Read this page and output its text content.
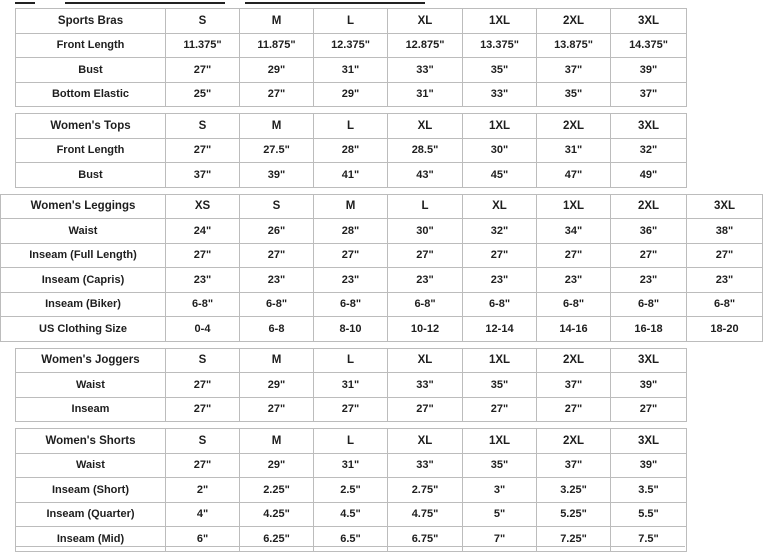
Sports Bras	S	M	L	XL	1XL	2XL	3XL
Front Length	11.375"	11.875"	12.375"	12.875"	13.375"	13.875"	14.375"
Bust	27"	29"	31"	33"	35"	37"	39"
Bottom Elastic	25"	27"	29"	31"	33"	35"	37"
Women's Tops	S	M	L	XL	1XL	2XL	3XL
Front Length	27"	27.5"	28"	28.5"	30"	31"	32"
Bust	37"	39"	41"	43"	45"	47"	49"
Women's Leggings	XS	S	M	L	XL	1XL	2XL	3XL
Waist	24"	26"	28"	30"	32"	34"	36"	38"
Inseam (Full Length)	27"	27"	27"	27"	27"	27"	27"	27"
Inseam (Capris)	23"	23"	23"	23"	23"	23"	23"	23"
Inseam (Biker)	6-8"	6-8"	6-8"	6-8"	6-8"	6-8"	6-8"	6-8"
US Clothing Size	0-4	6-8	8-10	10-12	12-14	14-16	16-18	18-20
Women's Joggers	S	M	L	XL	1XL	2XL	3XL
Waist	27"	29"	31"	33"	35"	37"	39"
Inseam	27"	27"	27"	27"	27"	27"	27"
Women's Shorts	S	M	L	XL	1XL	2XL	3XL
Waist	27"	29"	31"	33"	35"	37"	39"
Inseam (Short)	2"	2.25"	2.5"	2.75"	3"	3.25"	3.5"
Inseam (Quarter)	4"	4.25"	4.5"	4.75"	5"	5.25"	5.5"
Inseam (Mid)	6"	6.25"	6.5"	6.75"	7"	7.25"	7.5"
